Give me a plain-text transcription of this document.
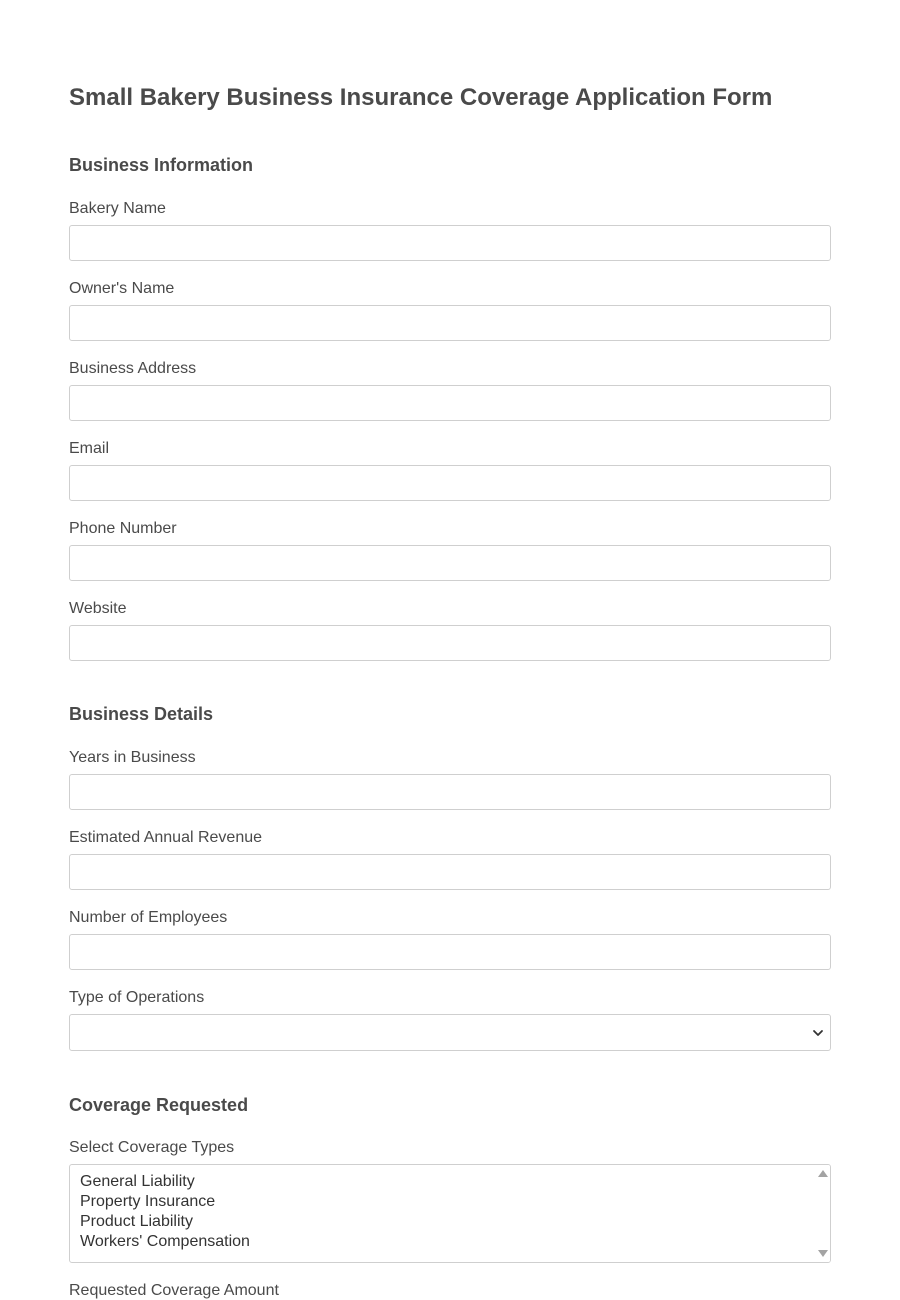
Small Bakery Business Insurance Coverage Application Form
Business Information
Bakery Name
Owner's Name
Business Address
Email
Phone Number
Website
Business Details
Years in Business
Estimated Annual Revenue
Number of Employees
Type of Operations
Coverage Requested
Select Coverage Types
General Liability
Property Insurance
Product Liability
Workers' Compensation
Requested Coverage Amount
